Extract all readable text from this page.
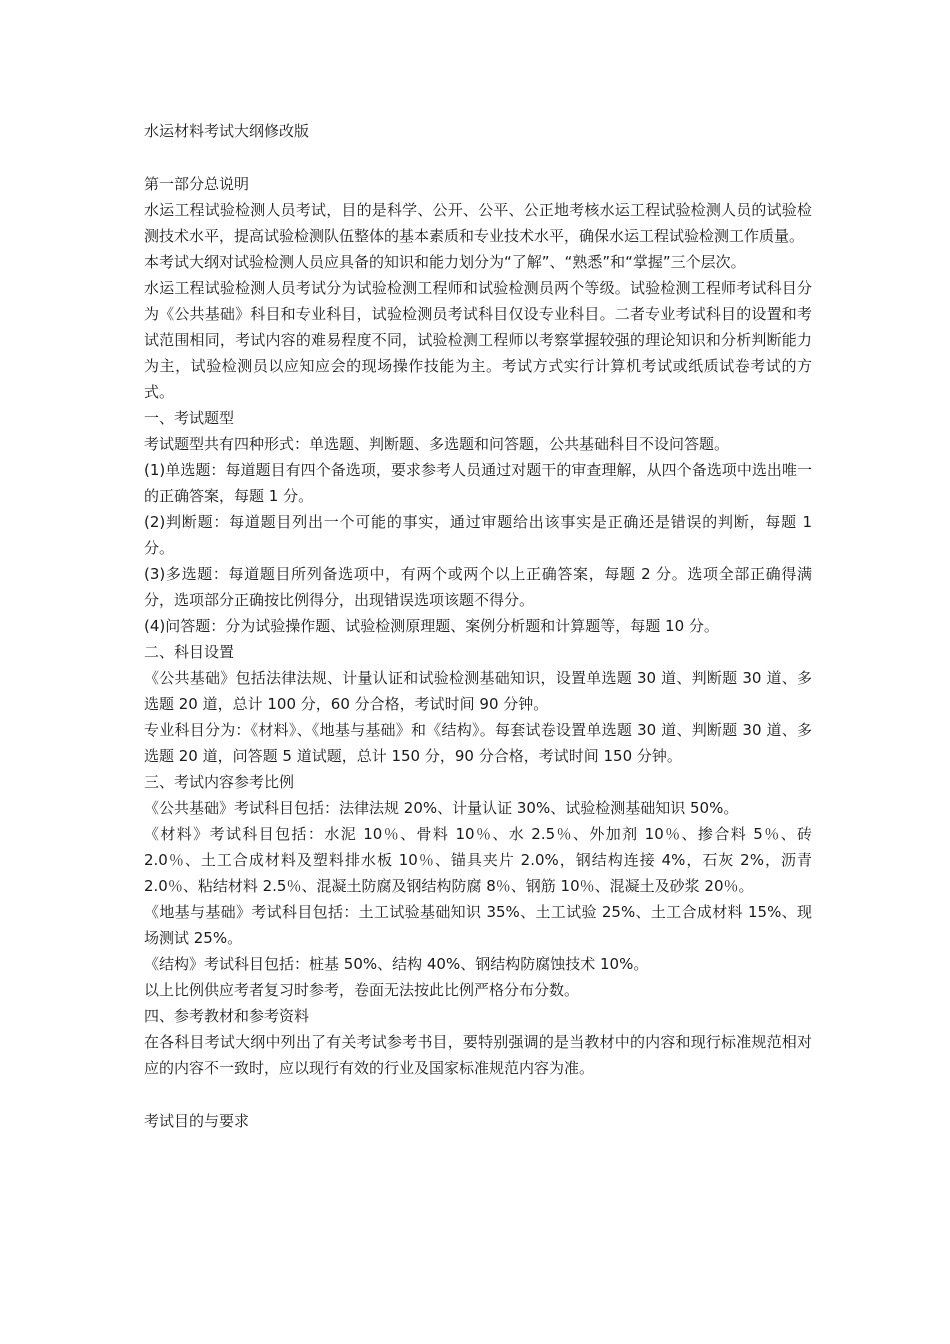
水运材料考试大纲修改版

第一部分总说明

水运工程试验检测人员考试，目的是科学、公开、公平、公正地考核水运工程试验检测人员的试验检测技术水平，提高试验检测队伍整体的基本素质和专业技术水平，确保水运工程试验检测工作质量。

本考试大纲对试验检测人员应具备的知识和能力划分为“了解”、“熟悉”和“掌握”三个层次。

水运工程试验检测人员考试分为试验检测工程师和试验检测员两个等级。试验检测工程师考试科目分为《公共基础》科目和专业科目，试验检测员考试科目仅设专业科目。二者专业考试科目的设置和考试范围相同，考试内容的难易程度不同，试验检测工程师以考察掌握较强的理论知识和分析判断能力为主，试验检测员以应知应会的现场操作技能为主。考试方式实行计算机考试或纸质试卷考试的方式。

一、考试题型

考试题型共有四种形式：单选题、判断题、多选题和问答题，公共基础科目不设问答题。

(1)单选题：每道题目有四个备选项，要求参考人员通过对题干的审查理解，从四个备选项中选出唯一的正确答案，每题 1 分。

(2)判断题：每道题目列出一个可能的事实，通过审题给出该事实是正确还是错误的判断，每题 1 分。

(3)多选题：每道题目所列备选项中，有两个或两个以上正确答案，每题 2 分。选项全部正确得满分，选项部分正确按比例得分，出现错误选项该题不得分。

(4)问答题：分为试验操作题、试验检测原理题、案例分析题和计算题等，每题 10 分。

二、科目设置

《公共基础》包括法律法规、计量认证和试验检测基础知识，设置单选题 30 道、判断题 30 道、多选题 20 道，总计 100 分，60 分合格，考试时间 90 分钟。

专业科目分为：《材料》、《地基与基础》和《结构》。每套试卷设置单选题 30 道、判断题 30 道、多选题 20 道，问答题 5 道试题，总计 150 分，90 分合格，考试时间 150 分钟。

三、考试内容参考比例

《公共基础》考试科目包括：法律法规 20%、计量认证 30%、试验检测基础知识 50%。

《材料》考试科目包括：水泥 10％、骨料 10％、水 2.5％、外加剂 10％、掺合料 5％、砖 2.0％、土工合成材料及塑料排水板 10％、锚具夹片 2.0%，钢结构连接 4%，石灰 2%，沥青 2.0％、粘结材料 2.5％、混凝土防腐及钢结构防腐 8％、钢筋 10％、混凝土及砂浆 20％。

《地基与基础》考试科目包括：土工试验基础知识 35%、土工试验 25%、土工合成材料 15%、现场测试 25%。

《结构》考试科目包括：桩基 50%、结构 40%、钢结构防腐蚀技术 10%。

以上比例供应考者复习时参考，卷面无法按此比例严格分布分数。

四、参考教材和参考资料

在各科目考试大纲中列出了有关考试参考书目，要特别强调的是当教材中的内容和现行标准规范相对应的内容不一致时，应以现行有效的行业及国家标准规范内容为准。

考试目的与要求
